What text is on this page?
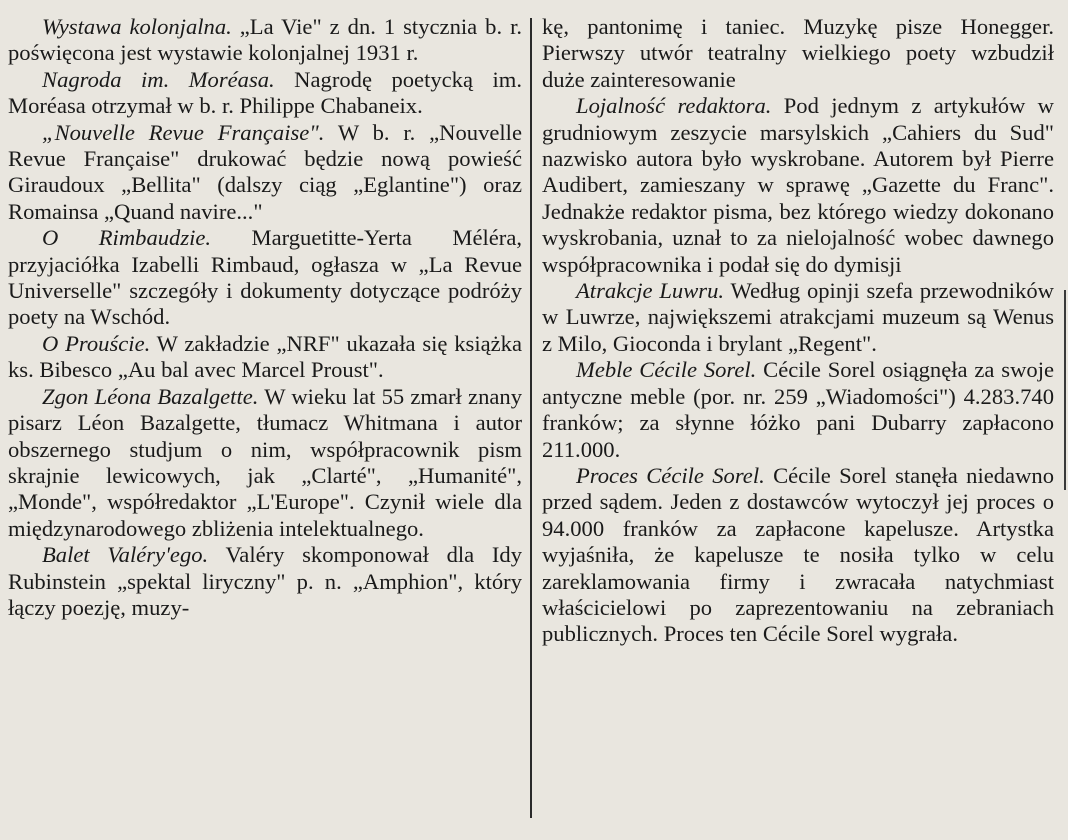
Wystawa kolonjalna. „La Vie" z dn. 1 stycznia b. r. poświęcona jest wystawie kolonjalnej 1931 r.

Nagroda im. Moréasa. Nagrodę poetycką im. Moréasa otrzymał w b. r. Philippe Chabaneix.

„Nouvelle Revue Française". W b. r. „Nouvelle Revue Française" drukować będzie nową powieść Giraudoux „Bellita" (dalszy ciąg „Eglantine") oraz Romainsa „Quand navire..."

O Rimbaudzie. Marguetitte-Yerta Méléra, przyjaciółka Izabelli Rimbaud, ogłasza w „La Revue Universelle" szczegóły i dokumenty dotyczące podróży poety na Wschód.

O Prouście. W zakładzie „NRF" ukazała się książka ks. Bibesco „Au bal avec Marcel Proust".

Zgon Léona Bazalgette. W wieku lat 55 zmarł znany pisarz Léon Bazalgette, tłumacz Whitmana i autor obszernego studjum o nim, współpracownik pism skrajnie lewicowych, jak „Clarté", „Humanité", „Monde", współredaktor „L'Europe". Czynił wiele dla międzynarodowego zbliżenia intelektualnego.

Balet Valéry'ego. Valéry skomponował dla Idy Rubinstein „spektal liryczny" p. n. „Amphion", który łączy poezję, muzy-

kę, pantonimę i taniec. Muzykę pisze Honegger. Pierwszy utwór teatralny wielkiego poety wzbudził duże zainteresowanie

Lojalność redaktora. Pod jednym z artykułów w grudniowym zeszycie marsylskich „Cahiers du Sud" nazwisko autora było wyskrobane. Autorem był Pierre Audibert, zamieszany w sprawę „Gazette du Franc". Jednakże redaktor pisma, bez którego wiedzy dokonano wyskrobania, uznał to za nielojalność wobec dawnego współpracownika i podał się do dymisji

Atrakcje Luwru. Według opinji szefa przewodników w Luwrze, największemi atrakcjami muzeum są Wenus z Milo, Gioconda i brylant „Regent".

Meble Cécile Sorel. Cécile Sorel osiągnęła za swoje antyczne meble (por. nr. 259 „Wiadomości") 4.283.740 franków; za słynne łóżko pani Dubarry zapłacono 211.000.

Proces Cécile Sorel. Cécile Sorel stanęła niedawno przed sądem. Jeden z dostawców wytoczył jej proces o 94.000 franków za zapłacone kapelusze. Artystka wyjaśniła, że kapelusze te nosiła tylko w celu zareklamowania firmy i zwracała natychmiast właścicielowi po zaprezentowaniu na zebraniach publicznych. Proces ten Cécile Sorel wygrała.
